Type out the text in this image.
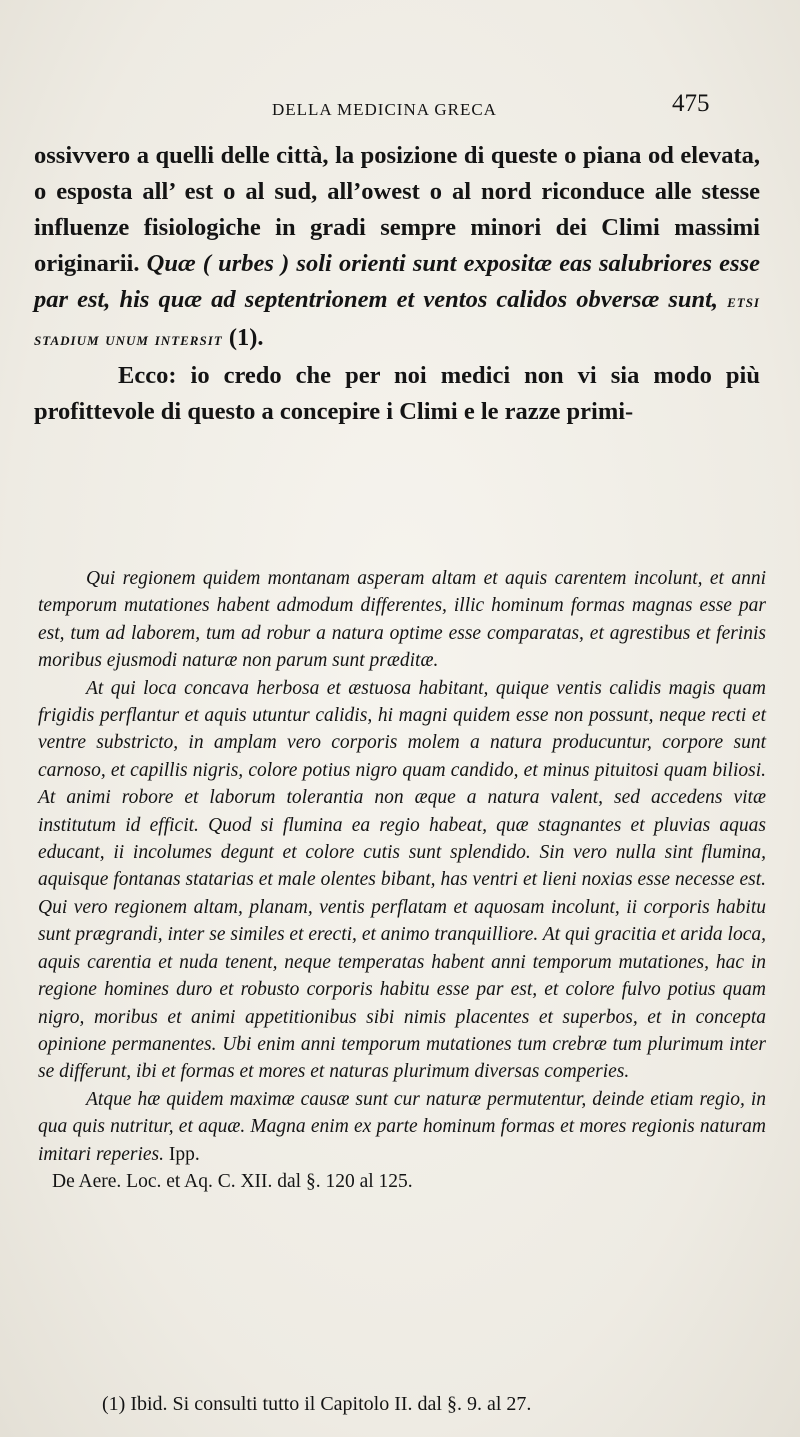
DELLA MEDICINA GRECA	475

ossivvero a quelli delle città, la posizione di queste o piana od elevata, o esposta all’ est o al sud, all’owest o al nord riconduce alle stesse influenze fisiologiche in gradi sempre minori dei Climi massimi originarii. Quæ ( urbes ) soli orienti sunt expositæ eas salubriores esse par est, his quæ ad septentrionem et ventos calidos obversæ sunt, etsi stadium unum intersit (1).

Ecco: io credo che per noi medici non vi sia modo più profittevole di questo a concepire i Climi e le razze primi-

Qui regionem quidem montanam asperam altam et aquis carentem incolunt, et anni temporum mutationes habent admodum differentes, illic hominum formas magnas esse par est, tum ad laborem, tum ad robur a natura optime esse comparatas, et agrestibus et ferinis moribus ejusmodi naturæ non parum sunt præditæ.

At qui loca concava herbosa et æstuosa habitant, quique ventis calidis magis quam frigidis perflantur et aquis utuntur calidis, hi magni quidem esse non possunt, neque recti et ventre substricto, in amplam vero corporis molem a natura producuntur, corpore sunt carnoso, et capillis nigris, colore potius nigro quam candido, et minus pituitosi quam biliosi. At animi robore et laborum tolerantia non æque a natura valent, sed accedens vitæ institutum id efficit. Quod si flumina ea regio habeat, quæ stagnantes et pluvias aquas educant, ii incolumes degunt et colore cutis sunt splendido. Sin vero nulla sint flumina, aquisque fontanas statarias et male olentes bibant, has ventri et lieni noxias esse necesse est. Qui vero regionem altam, planam, ventis perflatam et aquosam incolunt, ii corporis habitu sunt prægrandi, inter se similes et erecti, et animo tranquilliore. At qui gracitia et arida loca, aquis carentia et nuda tenent, neque temperatas habent anni temporum mutationes, hac in regione homines duro et robusto corporis habitu esse par est, et colore fulvo potius quam nigro, moribus et animi appetitionibus sibi nimis placentes et superbos, et in concepta opinione permanentes. Ubi enim anni temporum mutationes tum crebræ tum plurimum inter se differunt, ibi et formas et mores et naturas plurimum diversas comperies.

Atque hæ quidem maximæ causæ sunt cur naturæ permutentur, deinde etiam regio, in qua quis nutritur, et aquæ. Magna enim ex parte hominum formas et mores regionis naturam imitari reperies. Ipp.

De Aere. Loc. et Aq. C. XII. dal §. 120 al 125.

(1) Ibid. Si consulti tutto il Capitolo II. dal §. 9. al 27.
